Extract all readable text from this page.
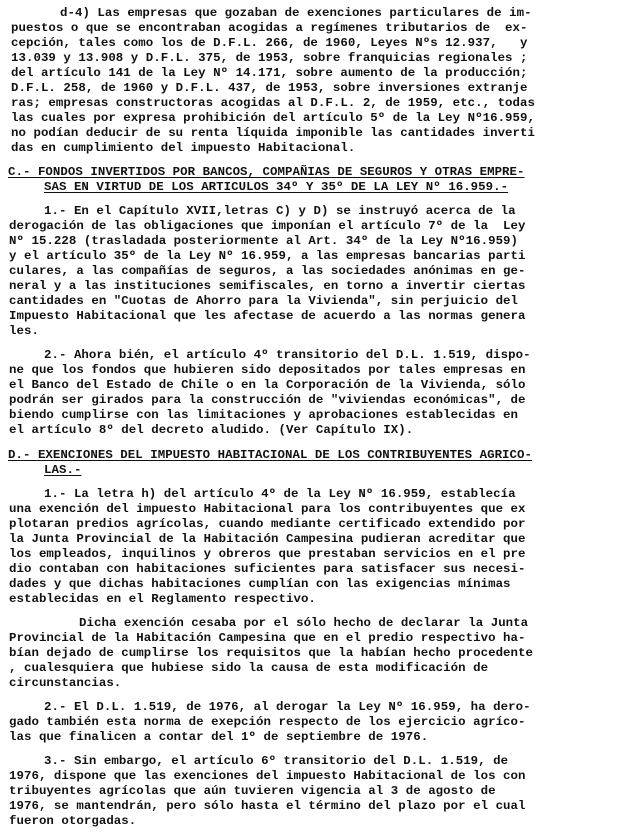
d-4) Las empresas que gozaban de exenciones particulares de im-
puestos o que se encontraban acogidas a regímenes tributarios de  ex-
cepción, tales como los de D.F.L. 266, de 1960, Leyes Nºs 12.937,   y
13.039 y 13.908 y D.F.L. 375, de 1953, sobre franquicias regionales ;
del artículo 141 de la Ley Nº 14.171, sobre aumento de la producción;
D.F.L. 258, de 1960 y D.F.L. 437, de 1953, sobre inversiones extranje
ras; empresas constructoras acogidas al D.F.L. 2, de 1959, etc., todas
las cuales por expresa prohibición del artículo 5º de la Ley Nº16.959,
no podían deducir de su renta líquida imponible las cantidades inverti
das en cumplimiento del impuesto Habitacional.
C.- FONDOS INVERTIDOS POR BANCOS, COMPAÑIAS DE SEGUROS Y OTRAS EMPRE-
SAS EN VIRTUD DE LOS ARTICULOS 34º Y 35º DE LA LEY Nº 16.959.-
1.- En el Capítulo XVII,letras C) y D) se instruyó acerca de la
derogación de las obligaciones que imponían el artículo 7º de la  Ley
Nº 15.228 (trasladada posteriormente al Art. 34º de la Ley Nº16.959)
y el artículo 35º de la Ley Nº 16.959, a las empresas bancarias parti
culares, a las compañías de seguros, a las sociedades anónimas en ge-
neral y a las instituciones semifiscales, en torno a invertir ciertas
cantidades en "Cuotas de Ahorro para la Vivienda", sin perjuicio del
Impuesto Habitacional que les afectase de acuerdo a las normas genera
les.
2.- Ahora bién, el artículo 4º transitorio del D.L. 1.519, dispo-
ne que los fondos que hubieren sido depositados por tales empresas en
el Banco del Estado de Chile o en la Corporación de la Vivienda, sólo
podrán ser girados para la construcción de "viviendas económicas", de
biendo cumplirse con las limitaciones y aprobaciones establecidas en
el artículo 8º del decreto aludido. (Ver Capítulo IX).
D.- EXENCIONES DEL IMPUESTO HABITACIONAL DE LOS CONTRIBUYENTES AGRICO-
LAS.-
1.- La letra h) del artículo 4º de la Ley Nº 16.959, establecía
una exención del impuesto Habitacional para los contribuyentes que ex
plotaran predios agrícolas, cuando mediante certificado extendido por
la Junta Provincial de la Habitación Campesina pudieran acreditar que
los empleados, inquilinos y obreros que prestaban servicios en el pre
dio contaban con habitaciones suficientes para satisfacer sus necesi-
dades y que dichas habitaciones cumplían con las exigencias mínimas
establecidas en el Reglamento respectivo.
Dicha exención cesaba por el sólo hecho de declarar la Junta
Provincial de la Habitación Campesina que en el predio respectivo ha-
bían dejado de cumplirse los requisitos que la habían hecho procedente
, cualesquiera que hubiese sido la causa de esta modificación de
circunstancias.
2.- El D.L. 1.519, de 1976, al derogar la Ley Nº 16.959, ha dero-
gado también esta norma de exepción respecto de los ejercicio agríco-
las que finalicen a contar del 1º de septiembre de 1976.
3.- Sin embargo, el artículo 6º transitorio del D.L. 1.519, de
1976, dispone que las exenciones del impuesto Habitacional de los con
tribuyentes agrícolas que aún tuvieren vigencia al 3 de agosto de
1976, se mantendrán, pero sólo hasta el término del plazo por el cual
fueron otorgadas.
